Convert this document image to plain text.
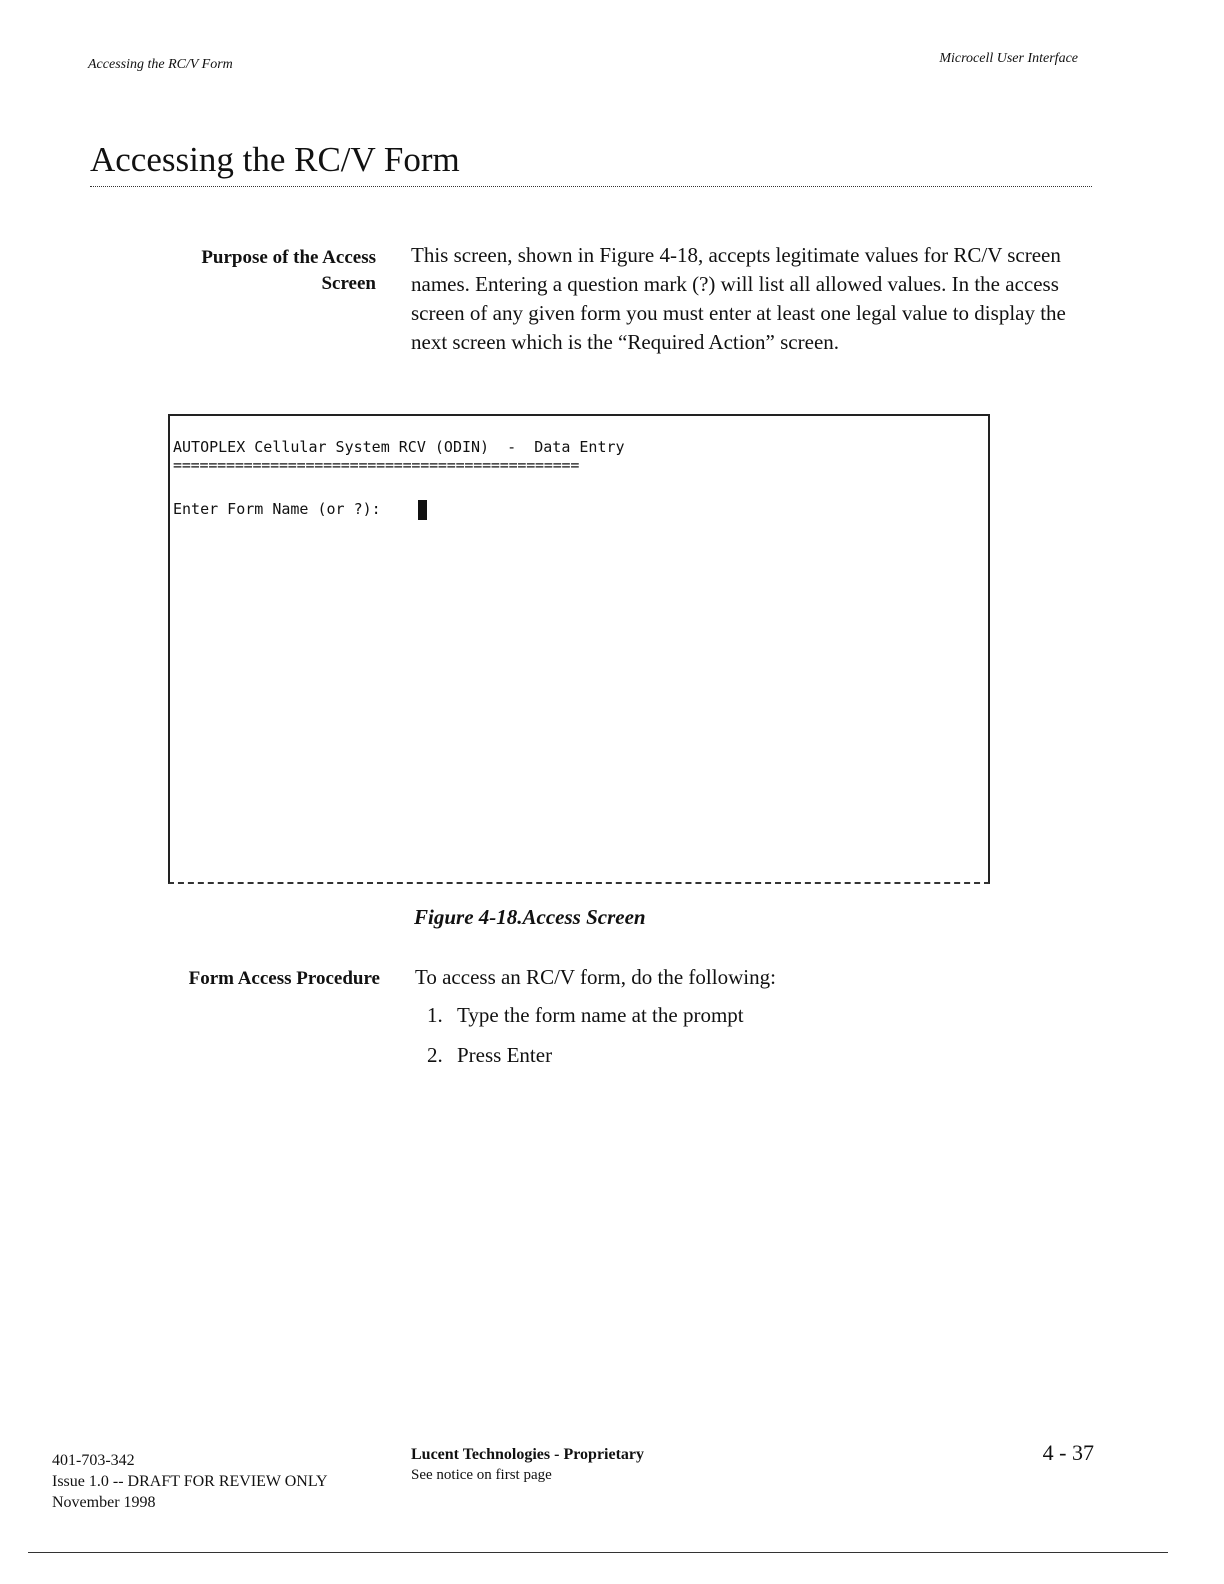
Accessing the RC/V Form	Microcell User Interface
Accessing the RC/V Form
Purpose of the Access
Screen
This screen, shown in Figure 4-18, accepts legitimate values for RC/V screen names. Entering a question mark (?) will list all allowed values. In the access screen of any given form you must enter at least one legal value to display the next screen which is the “Required Action” screen.
AUTOPLEX Cellular System RCV (ODIN)  -  Data Entry
==============================================
Enter Form Name (or ?):
Figure 4-18.Access Screen
Form Access Procedure To access an RC/V form, do the following:
1. Type the form name at the prompt
2. Press Enter
401-703-342
Issue 1.0 -- DRAFT FOR REVIEW ONLY
November 1998
Lucent Technologies - Proprietary
See notice on first page
4 - 37
